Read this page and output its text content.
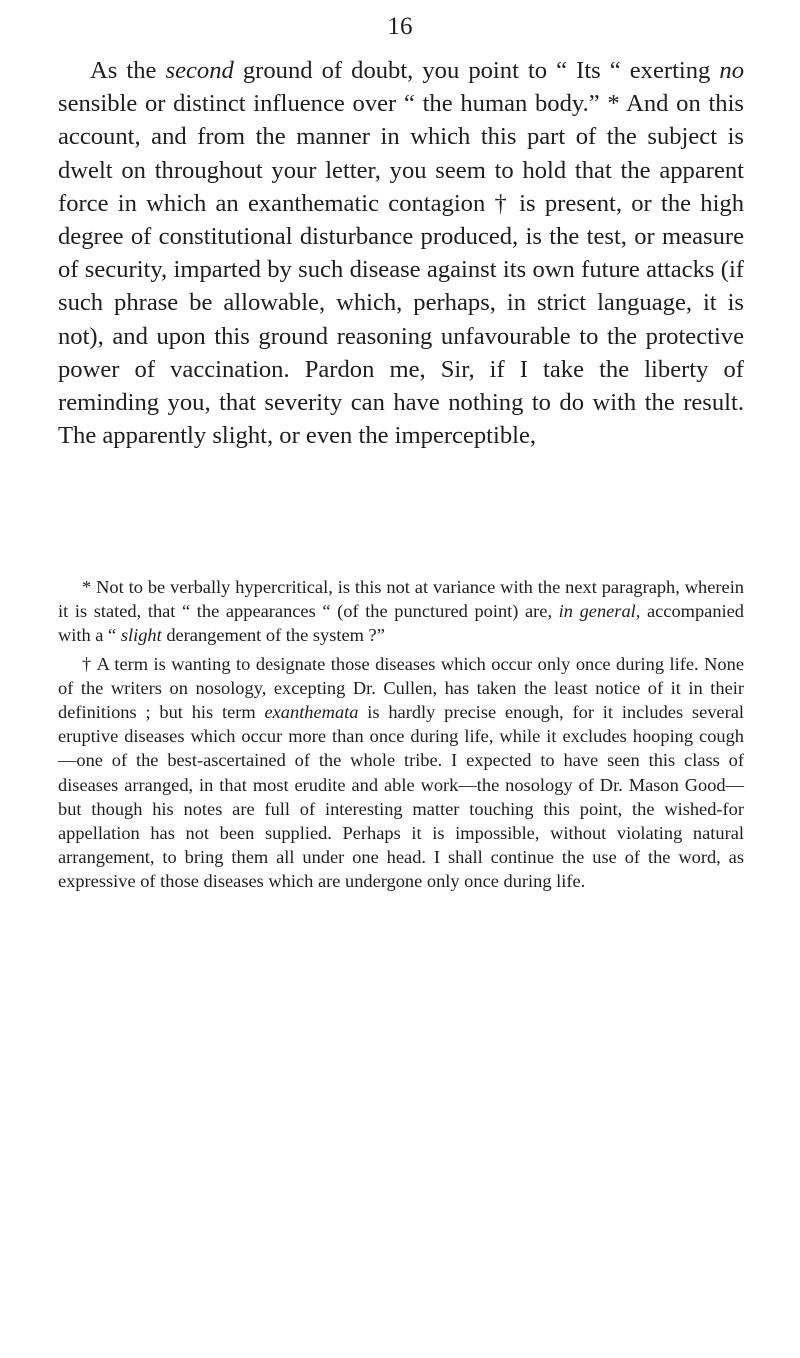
16

As the second ground of doubt, you point to “ Its “ exerting no sensible or distinct influence over “ the human body.” * And on this account, and from the manner in which this part of the subject is dwelt on throughout your letter, you seem to hold that the apparent force in which an exanthematic contagion † is present, or the high degree of constitutional disturbance produced, is the test, or measure of security, imparted by such disease against its own future attacks (if such phrase be allowable, which, perhaps, in strict language, it is not), and upon this ground reasoning unfavourable to the protective power of vaccination. Pardon me, Sir, if I take the liberty of reminding you, that severity can have nothing to do with the result. The apparently slight, or even the imperceptible,

* Not to be verbally hypercritical, is this not at variance with the next paragraph, wherein it is stated, that “ the appearances “ (of the punctured point) are, in general, accompanied with a “ slight derangement of the system ?”

† A term is wanting to designate those diseases which occur only once during life. None of the writers on nosology, excepting Dr. Cullen, has taken the least notice of it in their definitions ; but his term exanthemata is hardly precise enough, for it includes several eruptive diseases which occur more than once during life, while it excludes hooping cough—one of the best-ascertained of the whole tribe. I expected to have seen this class of diseases arranged, in that most erudite and able work—the nosology of Dr. Mason Good—but though his notes are full of interesting matter touching this point, the wished-for appellation has not been supplied. Perhaps it is impossible, without violating natural arrangement, to bring them all under one head. I shall continue the use of the word, as expressive of those diseases which are undergone only once during life.
